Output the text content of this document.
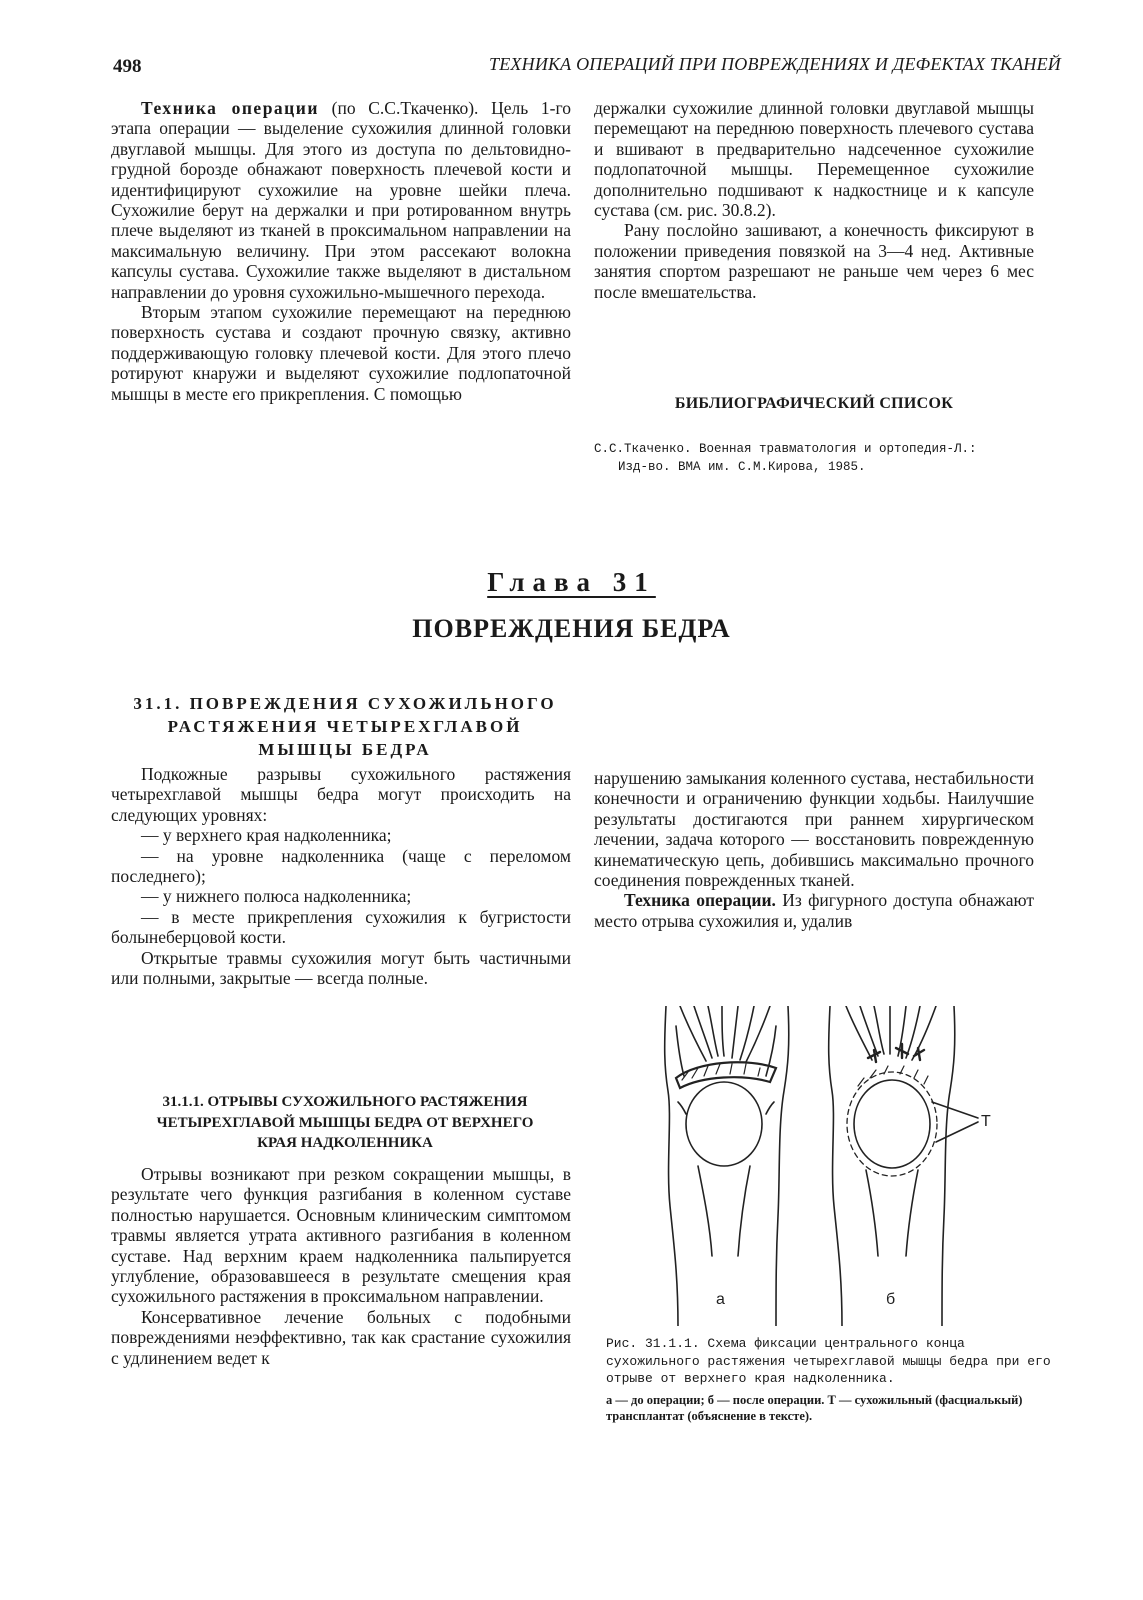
498	ТЕХНИКА ОПЕРАЦИЙ ПРИ ПОВРЕЖДЕНИЯХ И ДЕФЕКТАХ ТКАНЕЙ

Техника операции (по С.С.Ткаченко). Цель 1-го этапа операции — выделение сухожилия длинной головки двуглавой мышцы. Для этого из доступа по дельтовидно-грудной борозде обнажают поверхность плечевой кости и идентифицируют сухожилие на уровне шейки плеча. Сухожилие берут на держалки и при ротированном внутрь плече выделяют из тканей в проксимальном направлении на максимальную величину. При этом рассекают волокна капсулы сустава. Сухожилие также выделяют в дистальном направлении до уровня сухожильно-мышечного перехода.

Вторым этапом сухожилие перемещают на переднюю поверхность сустава и создают прочную связку, активно поддерживающую головку плечевой кости. Для этого плечо ротируют кнаружи и выделяют сухожилие подлопаточной мышцы в месте его прикрепления. С помощью

держалки сухожилие длинной головки двуглавой мышцы перемещают на переднюю поверхность плечевого сустава и вшивают в предварительно надсеченное сухожилие подлопаточной мышцы. Перемещенное сухожилие дополнительно подшивают к надкостнице и к капсуле сустава (см. рис. 30.8.2).

Рану послойно зашивают, а конечность фиксируют в положении приведения повязкой на 3—4 нед. Активные занятия спортом разрешают не раньше чем через 6 мес после вмешательства.

БИБЛИОГРАФИЧЕСКИЙ СПИСОК
С.С.Ткаченко. Военная травматология и ортопедия-Л.:
Изд-во. ВМА им. С.М.Кирова, 1985.
Глава 31
ПОВРЕЖДЕНИЯ БЕДРА
31.1. ПОВРЕЖДЕНИЯ СУХОЖИЛЬНОГО
РАСТЯЖЕНИЯ ЧЕТЫРЕХГЛАВОЙ
МЫШЦЫ БЕДРА

Подкожные разрывы сухожильного растяжения четырехглавой мышцы бедра могут происходить на следующих уровнях:

— у верхнего края надколенника;

— на уровне надколенника (чаще с переломом последнего);

— у нижнего полюса надколенника;

— в месте прикрепления сухожилия к бугристости болынеберцовой кости.

Открытые травмы сухожилия могут быть частичными или полными, закрытые — всегда полные.

31.1.1. ОТРЫВЫ СУХОЖИЛЬНОГО РАСТЯЖЕНИЯ
ЧЕТЫРЕХГЛАВОЙ МЫШЦЫ БЕДРА ОТ ВЕРХНЕГО
КРАЯ НАДКОЛЕННИКА

Отрывы возникают при резком сокращении мышцы, в результате чего функция разгибания в коленном суставе полностью нарушается. Основным клиническим симптомом травмы является утрата активного разгибания в коленном суставе. Над верхним краем надколенника пальпируется углубление, образовавшееся в результате смещения края сухожильного растяжения в проксимальном направлении.

Консервативное лечение больных с подобными повреждениями неэффективно, так как срастание сухожилия с удлинением ведет к

нарушению замыкания коленного сустава, нестабильности конечности и ограничению функции ходьбы. Наилучшие результаты достигаются при раннем хирургическом лечении, задача которого — восстановить поврежденную кинематическую цепь, добившись максимально прочного соединения поврежденных тканей.

Техника операции. Из фигурного доступа обнажают место отрыва сухожилия и, удалив

а	б
Т
Рис. 31.1.1. Схема фиксации центрального конца сухожильного растяжения четырехглавой мышцы бедра при его отрыве от верхнего края надколенника.
а — до операции; б — после операции. Т — сухожильный (фасциалькый) трансплантат (объяснение в тексте).
